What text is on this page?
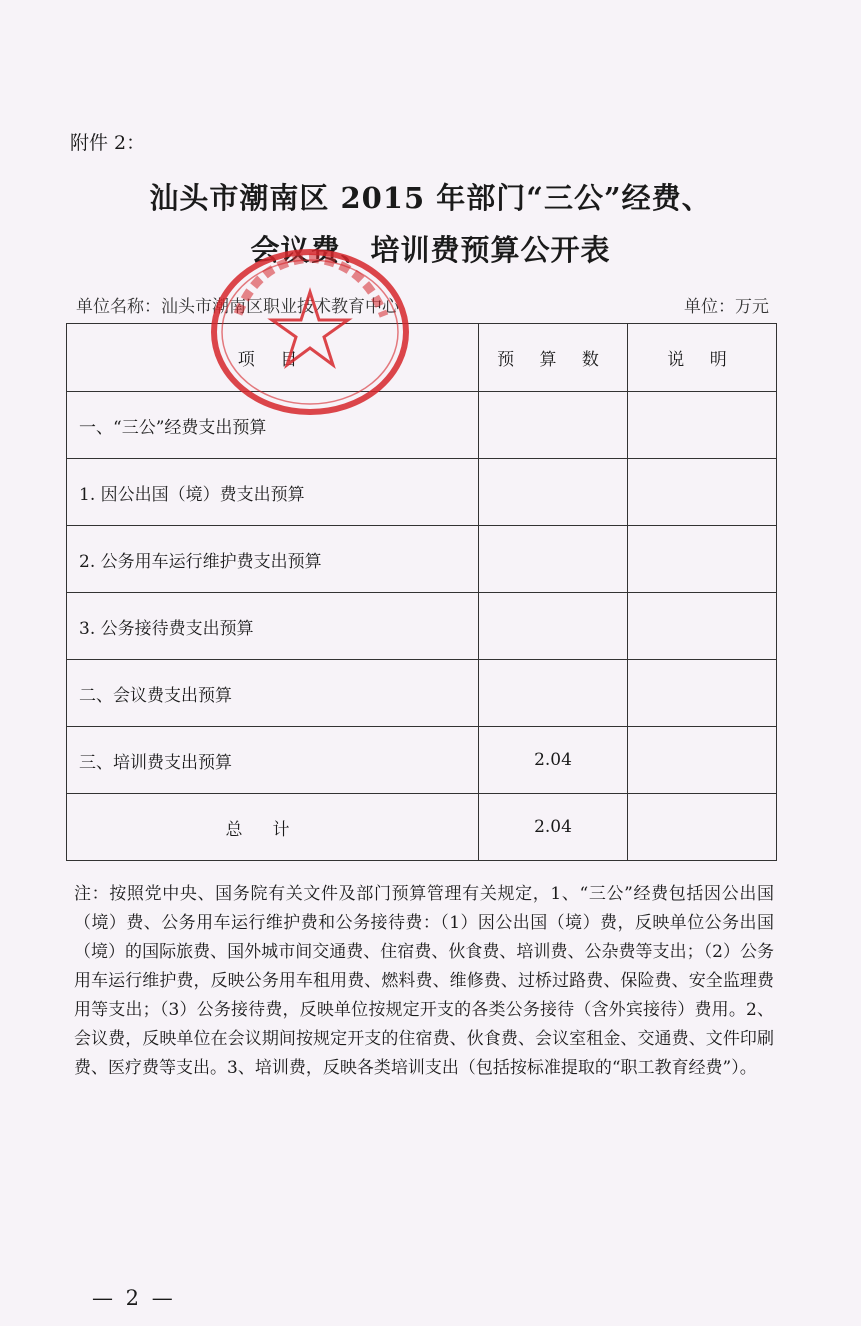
附件 2：
汕头市潮南区 2015 年部门“三公”经费、
会议费、培训费预算公开表
单位名称：汕头市潮南区职业技术教育中心	单位：万元
项 目	预 算 数	说 明
一、“三公”经费支出预算		
1. 因公出国（境）费支出预算		
2. 公务用车运行维护费支出预算		
3. 公务接待费支出预算		
二、会议费支出预算		
三、培训费支出预算	2.04	
总计	2.04	
注：按照党中央、国务院有关文件及部门预算管理有关规定，1、“三公”经费包括因公出国（境）费、公务用车运行维护费和公务接待费：（1）因公出国（境）费，反映单位公务出国（境）的国际旅费、国外城市间交通费、住宿费、伙食费、培训费、公杂费等支出；（2）公务用车运行维护费，反映公务用车租用费、燃料费、维修费、过桥过路费、保险费、安全监理费用等支出；（3）公务接待费，反映单位按规定开支的各类公务接待（含外宾接待）费用。2、会议费，反映单位在会议期间按规定开支的住宿费、伙食费、会议室租金、交通费、文件印刷费、医疗费等支出。3、培训费，反映各类培训支出（包括按标准提取的“职工教育经费”）。
— 2 —
